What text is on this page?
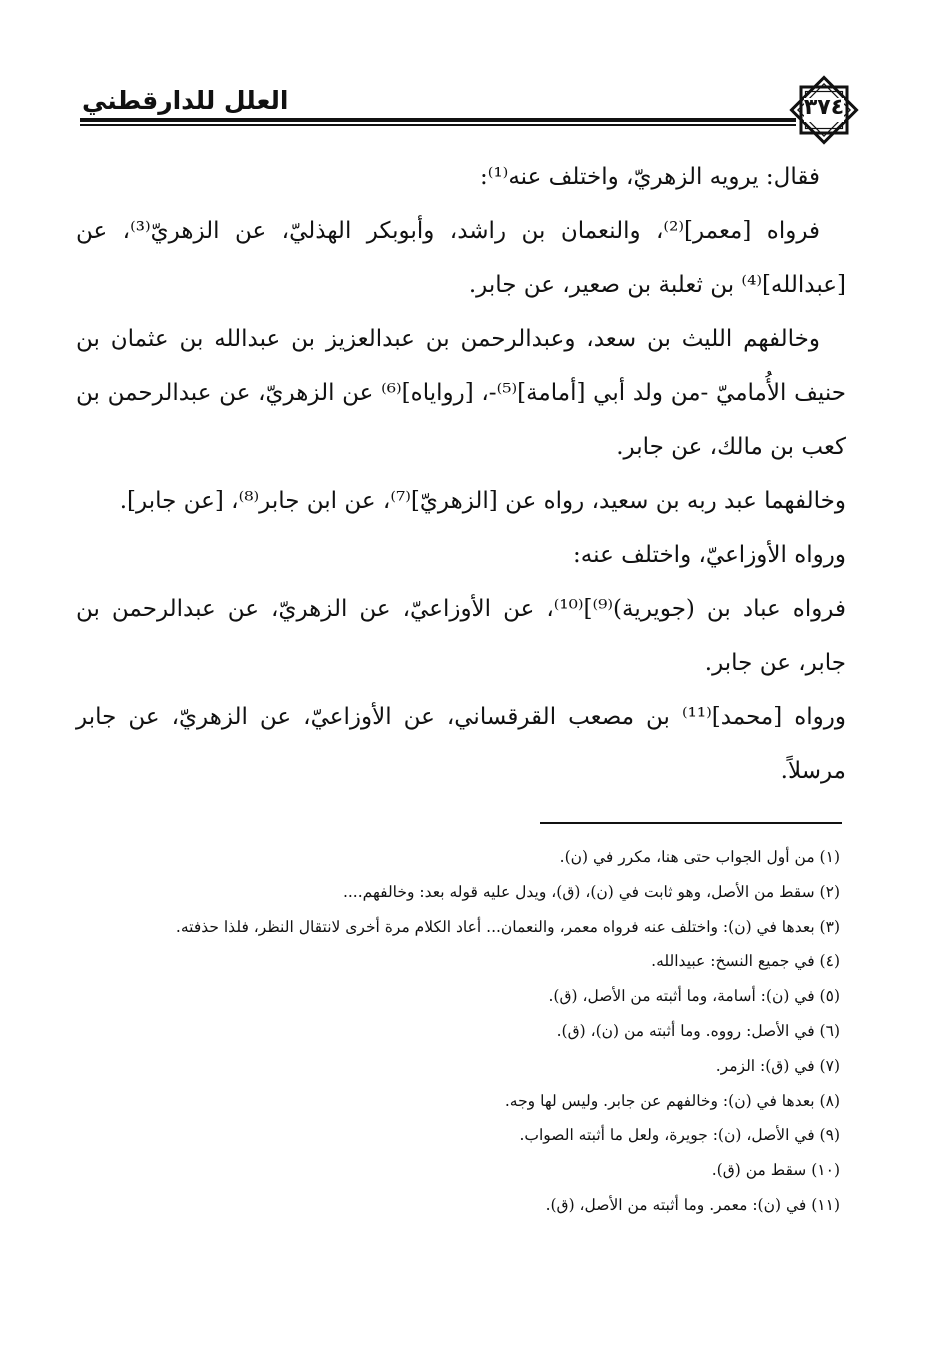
العلل للدارقطني	٣٧٤

فقال: يرويه الزهريّ، واختلف عنه⁽¹⁾:

فرواه [معمر]⁽²⁾، والنعمان بن راشد، وأبوبكر الهذليّ، عن الزهريّ⁽³⁾، عن [عبدالله]⁽⁴⁾ بن ثعلبة بن صعير، عن جابر.

وخالفهم الليث بن سعد، وعبدالرحمن بن عبدالعزيز بن عبدالله بن عثمان بن حنيف الأُماميّ -من ولد أبي [أمامة]⁽⁵⁾-، [رواياه]⁽⁶⁾ عن الزهريّ، عن عبدالرحمن بن كعب بن مالك، عن جابر.

وخالفهما عبد ربه بن سعيد، رواه عن [الزهريّ]⁽⁷⁾، عن ابن جابر⁽⁸⁾، [عن جابر].

ورواه الأوزاعيّ، واختلف عنه:

فرواه عباد بن (جويرية)⁽⁹⁾]⁽¹⁰⁾، عن الأوزاعيّ، عن الزهريّ، عن عبدالرحمن بن جابر، عن جابر.

ورواه [محمد]⁽¹¹⁾ بن مصعب القرقساني، عن الأوزاعيّ، عن الزهريّ، عن جابر مرسلاً.

(١) من أول الجواب حتى هنا، مكرر في (ن).
(٢) سقط من الأصل، وهو ثابت في (ن)، (ق)، ويدل عليه قوله بعد: وخالفهم....
(٣) بعدها في (ن): واختلف عنه فرواه معمر، والنعمان... أعاد الكلام مرة أخرى لانتقال النظر، فلذا حذفته.
(٤) في جميع النسخ: عبيدالله.
(٥) في (ن): أسامة، وما أثبته من الأصل، (ق).
(٦) في الأصل: رووه. وما أثبته من (ن)، (ق).
(٧) في (ق): الزمر.
(٨) بعدها في (ن): وخالفهم عن جابر. وليس لها وجه.
(٩) في الأصل، (ن): جويرة، ولعل ما أثبته الصواب.
(١٠) سقط من (ق).
(١١) في (ن): معمر. وما أثبته من الأصل، (ق).
